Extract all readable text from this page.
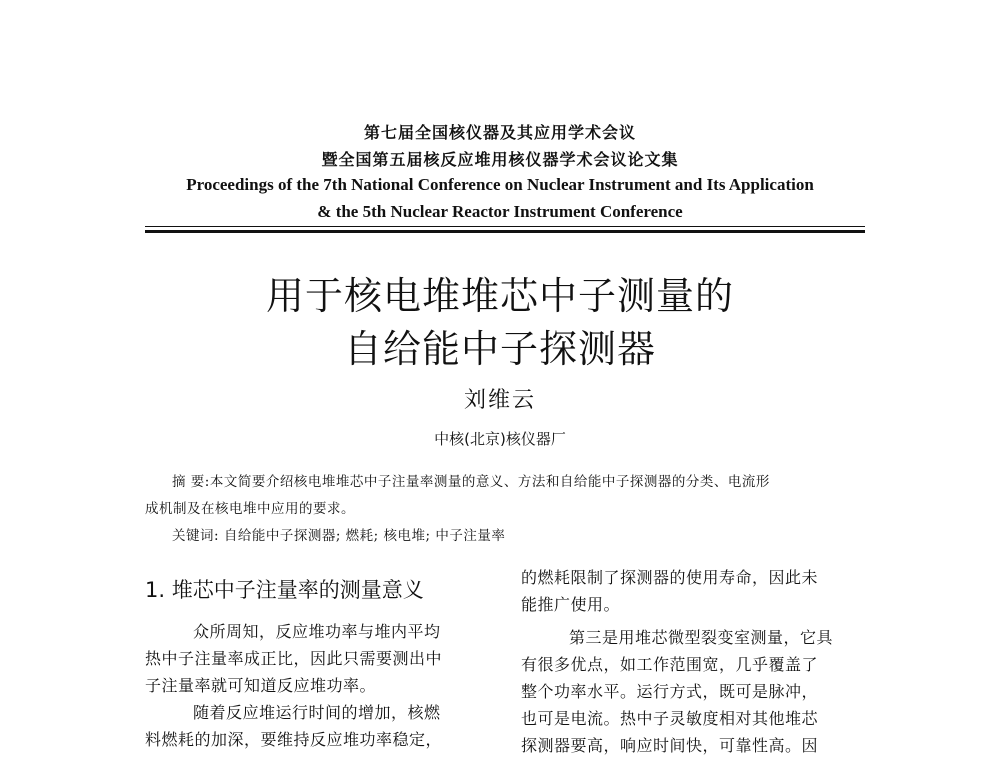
第七届全国核仪器及其应用学术会议
暨全国第五届核反应堆用核仪器学术会议论文集
Proceedings of the 7th National Conference on Nuclear Instrument and Its Application
& the 5th Nuclear Reactor Instrument Conference
用于核电堆堆芯中子测量的
自给能中子探测器
刘维云
中核(北京)核仪器厂
摘 要:本文简要介绍核电堆堆芯中子注量率测量的意义、方法和自给能中子探测器的分类、电流形
成机制及在核电堆中应用的要求。
关键词: 自给能中子探测器; 燃耗; 核电堆; 中子注量率
1. 堆芯中子注量率的测量意义
众所周知，反应堆功率与堆内平均
热中子注量率成正比，因此只需要测出中
子注量率就可知道反应堆功率。
随着反应堆运行时间的增加，核燃
料燃耗的加深，要维持反应堆功率稳定，
的燃耗限制了探测器的使用寿命，因此未
能推广使用。
第三是用堆芯微型裂变室测量，它具
有很多优点，如工作范围宽，几乎覆盖了
整个功率水平。运行方式，既可是脉冲，
也可是电流。热中子灵敏度相对其他堆芯
探测器要高，响应时间快，可靠性高。因
